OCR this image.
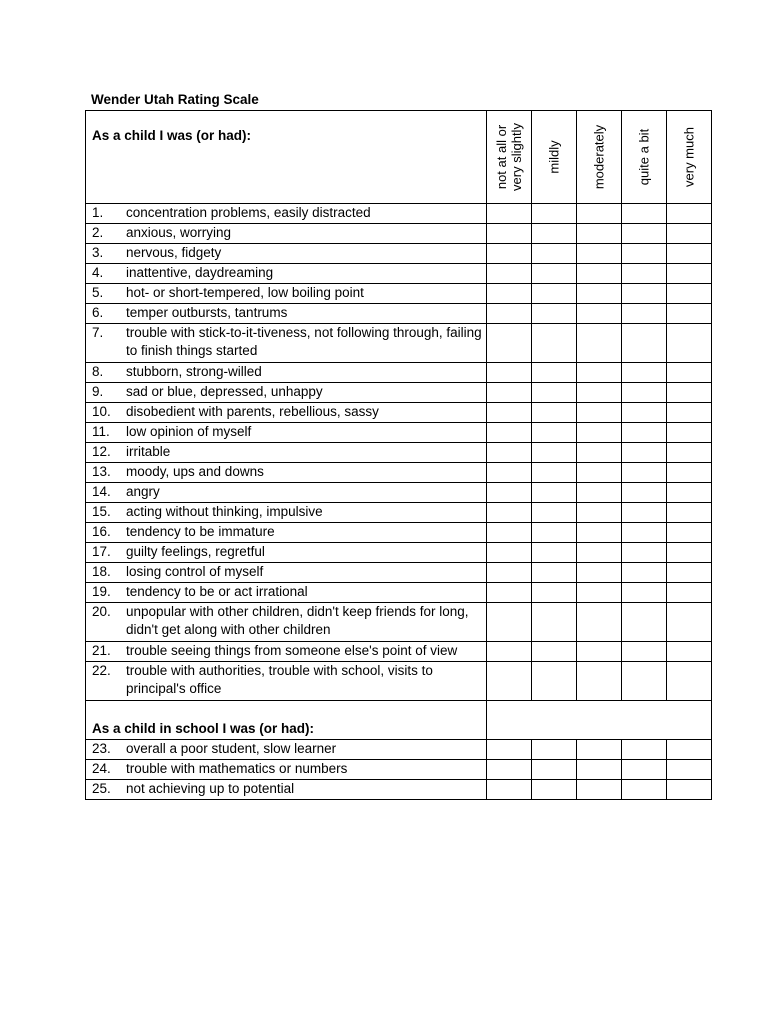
Wender Utah Rating Scale
As a child I was (or had):	not at all or very slightly	mildly	moderately	quite a bit	very much

1. concentration problems, easily distracted					
2. anxious, worrying					
3. nervous, fidgety					
4. inattentive, daydreaming					
5. hot- or short-tempered, low boiling point					
6. temper outbursts, tantrums					
7. trouble with stick-to-it-tiveness, not following through, failing to finish things started					
8. stubborn, strong-willed					
9. sad or blue, depressed, unhappy					
10. disobedient with parents, rebellious, sassy					
11. low opinion of myself					
12. irritable					
13. moody, ups and downs					
14. angry					
15. acting without thinking, impulsive					
16. tendency to be immature					
17. guilty feelings, regretful					
18. losing control of myself					
19. tendency to be or act irrational					
20. unpopular with other children, didn't keep friends for long, didn't get along with other children					
21. trouble seeing things from someone else's point of view					
22. trouble with authorities, trouble with school, visits to principal's office					

As a child in school I was (or had):					

23. overall a poor student, slow learner					
24. trouble with mathematics or numbers					
25. not achieving up to potential					
